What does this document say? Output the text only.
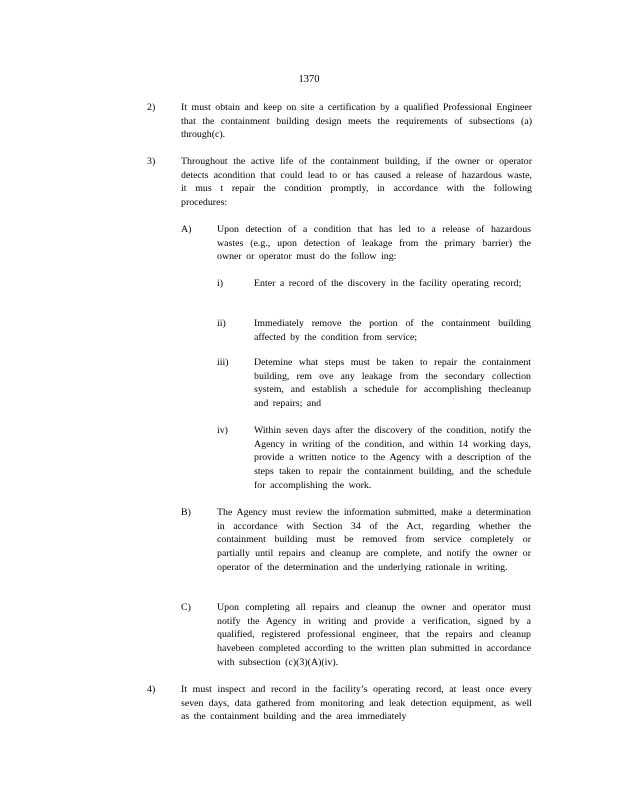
1370
2)	It must obtain and keep on site a certification by a qualified Professional Engineer that the containment building design meets the requirements of subsections (a) through(c).
3)	Throughout the active life of the containment building, if the owner or operator detects acondition that could lead to or has caused a release of hazardous waste, it mus t repair the condition promptly, in accordance with the following procedures:
A)	Upon detection of a condition that has led to a release of hazardous wastes (e.g., upon detection of leakage from the primary barrier) the owner or operator must do the follow ing:
i)	Enter a record of the discovery in the facility operating record;
ii)	Immediately remove the portion of the containment building affected by the condition from service;
iii)	Detemine what steps must be taken to repair the containment building, rem ove any leakage from the secondary collection system, and establish a schedule for accomplishing thecleanup and repairs; and
iv)	Within seven days after the discovery of the condition, notify the Agency in writing of the condition, and within 14 working days, provide a written notice to the Agency with a description of the steps taken to repair the containment building, and the schedule for accomplishing the work.
B)	The Agency must review the information submitted, make a determination in accordance with Section 34 of the Act, regarding whether the containment building must be removed from service completely or partially until repairs and cleanup are complete, and notify the owner or operator of the determination and the underlying rationale in writing.
C)	Upon completing all repairs and cleanup the owner and operator must notify the Agency in writing and provide a verification, signed by a qualified, registered professional engineer, that the repairs and cleanup havebeen completed according to the written plan submitted in accordance with subsection (c)(3)(A)(iv).
4)	It must inspect and record in the facility’s operating record, at least once every seven days, data gathered from monitoring and leak detection equipment, as well as the containment building and the area immediately
